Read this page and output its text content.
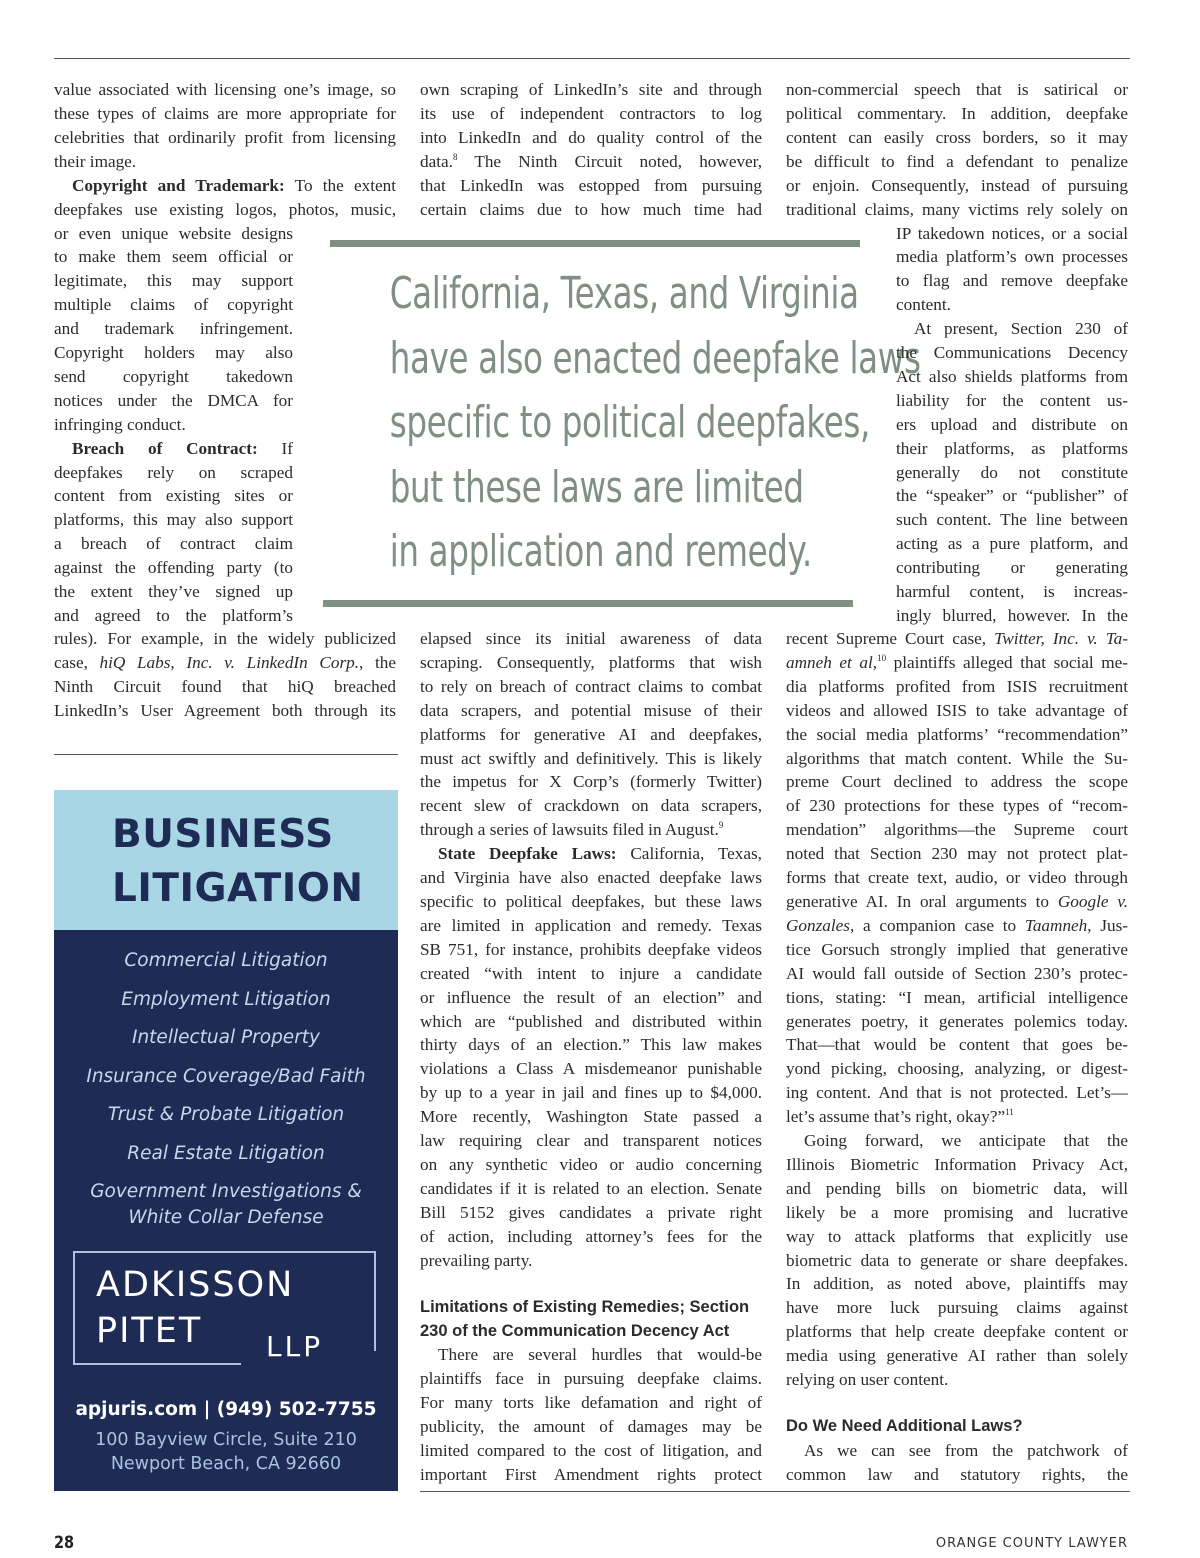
value associated with licensing one’s image, so
these types of claims are more appropriate for
celebrities that ordinarily profit from licensing
their image.
Copyright and Trademark: To the extent
deepfakes use existing logos, photos, music,
or even unique website designs
to make them seem official or
legitimate, this may support
multiple claims of copyright
and trademark infringement.
Copyright holders may also
send copyright takedown
notices under the DMCA for
infringing conduct.
Breach of Contract: If
deepfakes rely on scraped
content from existing sites or
platforms, this may also support
a breach of contract claim
against the offending party (to
the extent they’ve signed up
and agreed to the platform’s
rules). For example, in the widely publicized
case, hiQ Labs, Inc. v. LinkedIn Corp., the
Ninth Circuit found that hiQ breached
LinkedIn’s User Agreement both through its
California, Texas, and Virginia
have also enacted deepfake laws
specific to political deepfakes,
but these laws are limited
in application and remedy.
BUSINESS
LITIGATION
Commercial Litigation
Employment Litigation
Intellectual Property
Insurance Coverage/Bad Faith
Trust & Probate Litigation
Real Estate Litigation
Government Investigations &
White Collar Defense
ADKISSON
PITET	LLP
apjuris.com | (949) 502-7755
100 Bayview Circle, Suite 210
Newport Beach, CA 92660
own scraping of LinkedIn’s site and through
its use of independent contractors to log
into LinkedIn and do quality control of the
data.$^8$ The Ninth Circuit noted, however,
that LinkedIn was estopped from pursuing
certain claims due to how much time had
elapsed since its initial awareness of data
scraping. Consequently, platforms that wish
to rely on breach of contract claims to combat
data scrapers, and potential misuse of their
platforms for generative AI and deepfakes,
must act swiftly and definitively. This is likely
the impetus for X Corp’s (formerly Twitter)
recent slew of crackdown on data scrapers,
through a series of lawsuits filed in August.$^9$
State Deepfake Laws: California, Texas,
and Virginia have also enacted deepfake laws
specific to political deepfakes, but these laws
are limited in application and remedy. Texas
SB 751, for instance, prohibits deepfake videos
created “with intent to injure a candidate
or influence the result of an election” and
which are “published and distributed within
thirty days of an election.” This law makes
violations a Class A misdemeanor punishable
by up to a year in jail and fines up to $4,000.
More recently, Washington State passed a
law requiring clear and transparent notices
on any synthetic video or audio concerning
candidates if it is related to an election. Senate
Bill 5152 gives candidates a private right
of action, including attorney’s fees for the
prevailing party.
Limitations of Existing Remedies; Section
230 of the Communication Decency Act
There are several hurdles that would-be
plaintiffs face in pursuing deepfake claims.
For many torts like defamation and right of
publicity, the amount of damages may be
limited compared to the cost of litigation, and
important First Amendment rights protect
non-commercial speech that is satirical or
political commentary. In addition, deepfake
content can easily cross borders, so it may
be difficult to find a defendant to penalize
or enjoin. Consequently, instead of pursuing
traditional claims, many victims rely solely on
IP takedown notices, or a social
media platform’s own processes
to flag and remove deepfake
content.
At present, Section 230 of
the Communications Decency
Act also shields platforms from
liability for the content us-
ers upload and distribute on
their platforms, as platforms
generally do not constitute
the “speaker” or “publisher” of
such content. The line between
acting as a pure platform, and
contributing or generating
harmful content, is increas-
ingly blurred, however. In the
recent Supreme Court case, Twitter, Inc. v. Ta-
amneh et al,$^{10}$ plaintiffs alleged that social me-
dia platforms profited from ISIS recruitment
videos and allowed ISIS to take advantage of
the social media platforms’ “recommendation”
algorithms that match content. While the Su-
preme Court declined to address the scope
of 230 protections for these types of “recom-
mendation” algorithms—the Supreme court
noted that Section 230 may not protect plat-
forms that create text, audio, or video through
generative AI. In oral arguments to Google v.
Gonzales, a companion case to Taamneh, Jus-
tice Gorsuch strongly implied that generative
AI would fall outside of Section 230’s protec-
tions, stating: “I mean, artificial intelligence
generates poetry, it generates polemics today.
That—that would be content that goes be-
yond picking, choosing, analyzing, or digest-
ing content. And that is not protected. Let’s—
let’s assume that’s right, okay?”$^{11}$
Going forward, we anticipate that the
Illinois Biometric Information Privacy Act,
and pending bills on biometric data, will
likely be a more promising and lucrative
way to attack platforms that explicitly use
biometric data to generate or share deepfakes.
In addition, as noted above, plaintiffs may
have more luck pursuing claims against
platforms that help create deepfake content or
media using generative AI rather than solely
relying on user content.
Do We Need Additional Laws?
As we can see from the patchwork of
common law and statutory rights, the
28	ORANGE COUNTY LAWYER
